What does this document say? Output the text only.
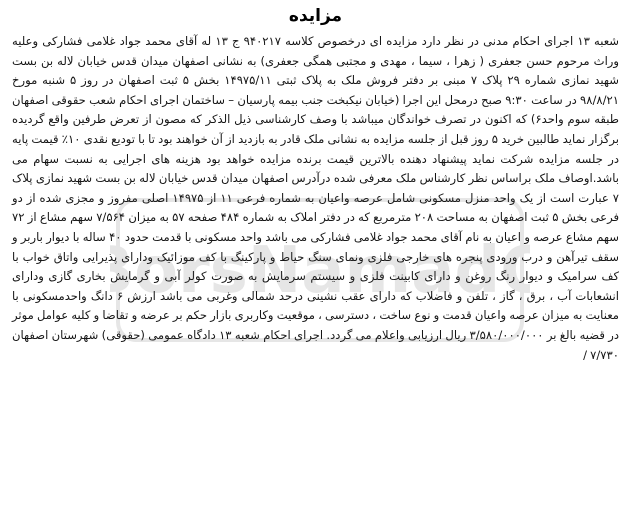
مزایده

شعبه ۱۳ اجرای احکام مدنی در نظر دارد مزایده ای درخصوص کلاسه ۹۴۰۲۱۷ ج ۱۳ له آقای محمد جواد غلامی فشارکی وعلیه وراث مرحوم حسن جعفری ( زهرا ، سیما ، مهدی و مجتبی همگی جعفری) به نشانی اصفهان میدان قدس خیابان لاله بن بست شهید نمازی شماره ۲۹ پلاک ۷ مبنی بر دفتر فروش ملک به پلاک ثبتی ۱۴۹۷۵/۱۱ بخش ۵ ثبت اصفهان در روز ۵ شنبه مورخ ۹۸/۸/۲۱ در ساعت ۹:۳۰ صبح درمحل این اجرا (خیابان نیکبخت جنب بیمه پارسیان – ساختمان اجرای احکام شعب حقوقی اصفهان طبقه سوم واحد۶) که اکنون در تصرف خواندگان میباشد با وصف کارشناسی ذیل الذکر که مصون از تعرض طرفین واقع گردیده برگزار نماید طالبین خرید ۵ روز قبل از جلسه مزایده به نشانی ملک قادر به بازدید از آن خواهند بود تا با تودیع نقدی ۱۰٪ قیمت پایه در جلسه مزایده شرکت نماید پیشنهاد دهنده بالاترین قیمت برنده مزایده خواهد بود هزینه های اجرایی به نسبت سهام می باشد.اوصاف ملک براساس نظر کارشناس ملک معرفی شده درآدرس اصفهان میدان قدس خیابان لاله بن بست شهید نمازی پلاک ۷ عبارت است از یک واحد منزل مسکونی شامل عرصه واعیان به شماره فرعی ۱۱ از ۱۴۹۷۵ اصلی مفروز و مجزی شده از دو فرعی بخش ۵ ثبت اصفهان به مساحت ۲۰۸ مترمربع که در دفتر املاک به شماره ۴۸۴ صفحه ۵۷ به میزان ۷/۵۶۴ سهم مشاع از ۷۲ سهم مشاع عرصه و اعیان به نام آقای محمد جواد غلامی فشارکی می باشد واحد مسکونی با قدمت حدود ۴۰ ساله با دیوار باربر و سقف تیرآهن و درب ورودی پنجره های خارجی فلزی ونمای سنگ حیاط و پارکینگ با کف موزائیک ودارای پذیرایی واتاق خواب با کف سرامیک و دیوار رنگ روغن و دارای کابینت فلزی و سیستم سرمایش به صورت کولر آبی و گرمایش بخاری گازی ودارای انشعابات آب ، برق ، گاز ، تلفن و فاضلاب که دارای عقب نشینی درحد شمالی وغربی می باشد ارزش ۶ دانگ واحدمسکونی با معنایت به میزان عرصه واعیان قدمت و نوع ساخت ، دسترسی ، موقعیت وکاربری بازار حکم بر عرضه و تقاضا و کلیه عوامل موثر در قضیه بالغ بر ۳/۵۸۰/۰۰۰/۰۰۰ ریال ارزیابی واعلام می گردد. اجرای احکام شعبه ۱۳ دادگاه عمومی (حقوقی) شهرستان اصفهان ۷/۷۳۰ /

orsNamadO
